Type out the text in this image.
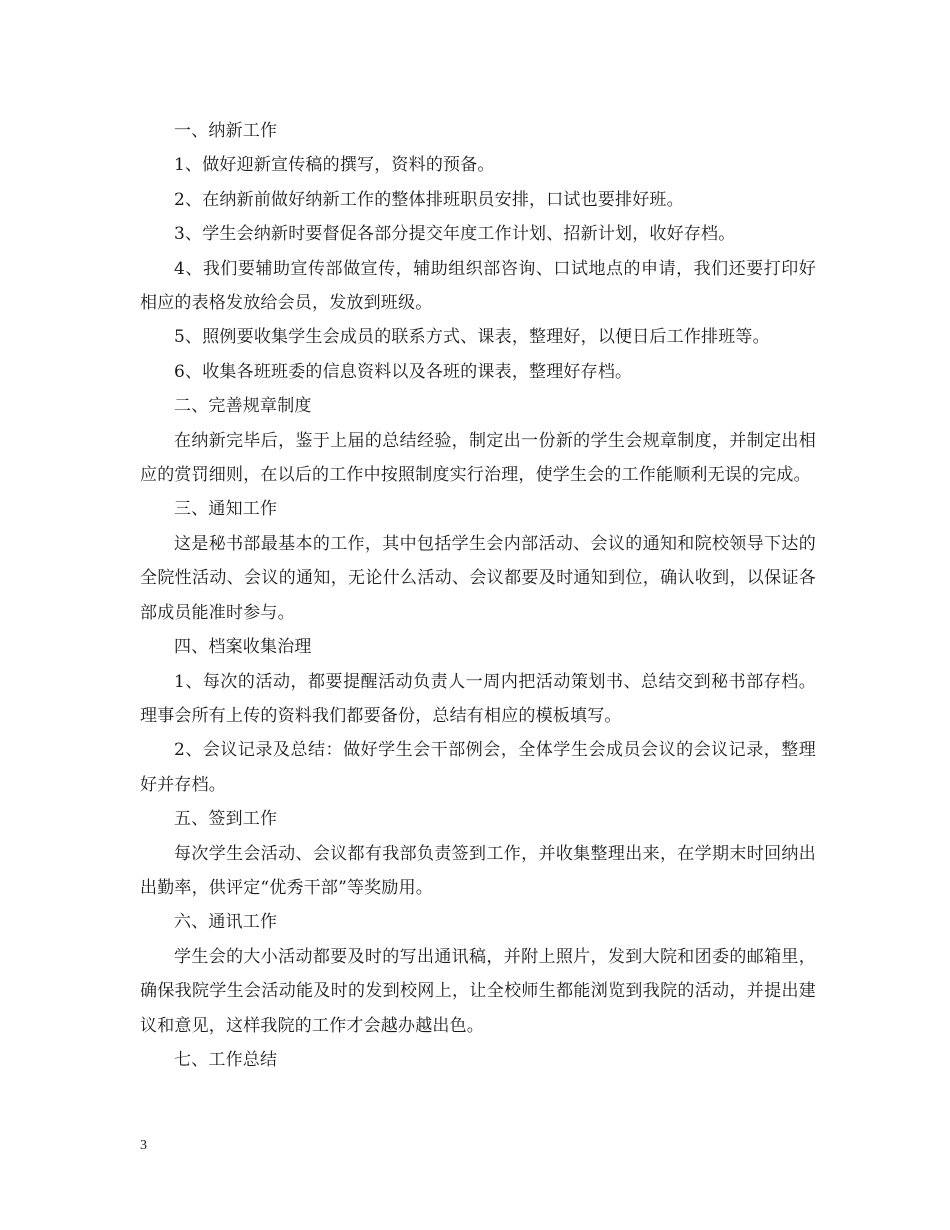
一、纳新工作

1、做好迎新宣传稿的撰写，资料的预备。

2、在纳新前做好纳新工作的整体排班职员安排，口试也要排好班。

3、学生会纳新时要督促各部分提交年度工作计划、招新计划，收好存档。

4、我们要辅助宣传部做宣传，辅助组织部咨询、口试地点的申请，我们还要打印好相应的表格发放给会员，发放到班级。

5、照例要收集学生会成员的联系方式、课表，整理好，以便日后工作排班等。

6、收集各班班委的信息资料以及各班的课表，整理好存档。

二、完善规章制度

在纳新完毕后，鉴于上届的总结经验，制定出一份新的学生会规章制度，并制定出相应的赏罚细则，在以后的工作中按照制度实行治理，使学生会的工作能顺利无误的完成。

三、通知工作

这是秘书部最基本的工作，其中包括学生会内部活动、会议的通知和院校领导下达的全院性活动、会议的通知，无论什么活动、会议都要及时通知到位，确认收到，以保证各部成员能准时参与。

四、档案收集治理

1、每次的活动，都要提醒活动负责人一周内把活动策划书、总结交到秘书部存档。理事会所有上传的资料我们都要备份，总结有相应的模板填写。

2、会议记录及总结：做好学生会干部例会，全体学生会成员会议的会议记录，整理好并存档。

五、签到工作

每次学生会活动、会议都有我部负责签到工作，并收集整理出来，在学期末时回纳出出勤率，供评定“优秀干部”等奖励用。

六、通讯工作

学生会的大小活动都要及时的写出通讯稿，并附上照片，发到大院和团委的邮箱里，确保我院学生会活动能及时的发到校网上，让全校师生都能浏览到我院的活动，并提出建议和意见，这样我院的工作才会越办越出色。

七、工作总结

3
